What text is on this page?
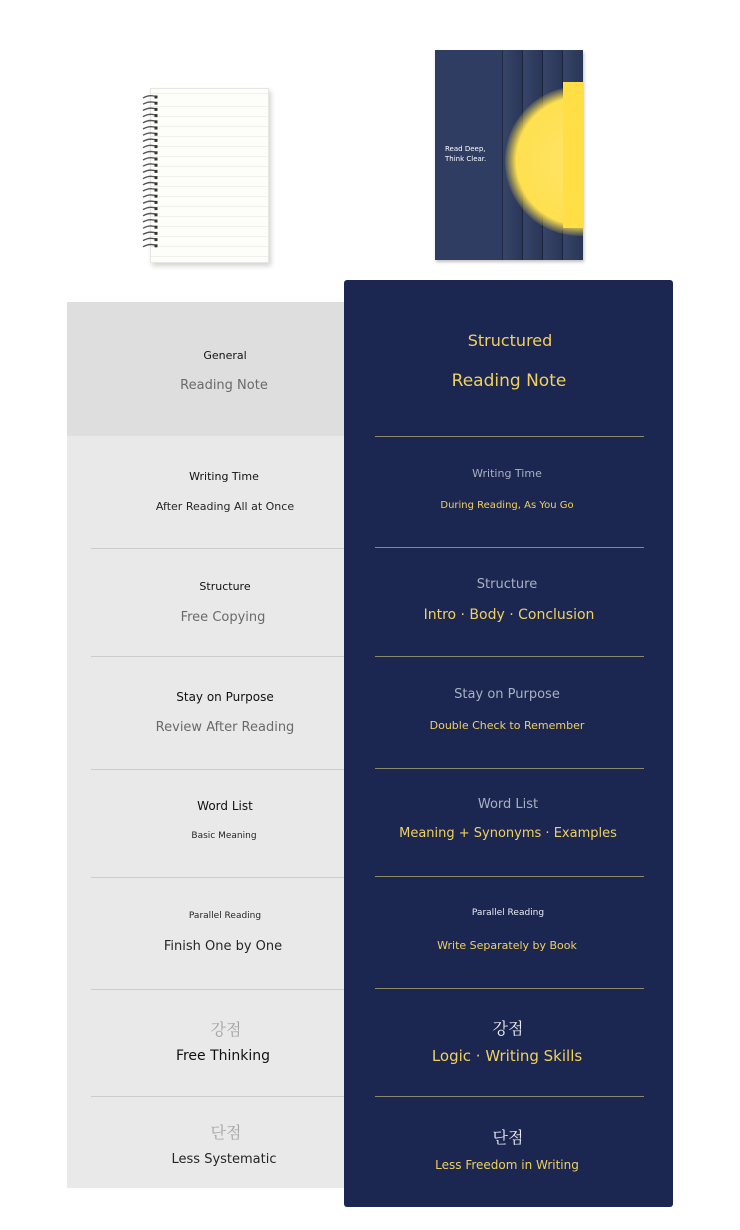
Read Deep,
Think Clear.
General
Reading Note
Structured
Reading Note
Writing Time
After Reading All at Once
Writing Time
During Reading, As You Go
Structure
Free Copying
Structure
Intro · Body · Conclusion
Stay on Purpose
Review After Reading
Stay on Purpose
Double Check to Remember
Word List
Basic Meaning
Word List
Meaning + Synonyms · Examples
Parallel Reading
Finish One by One
Parallel Reading
Write Separately by Book
강점
Free Thinking
강점
Logic · Writing Skills
단점
Less Systematic
단점
Less Freedom in Writing
